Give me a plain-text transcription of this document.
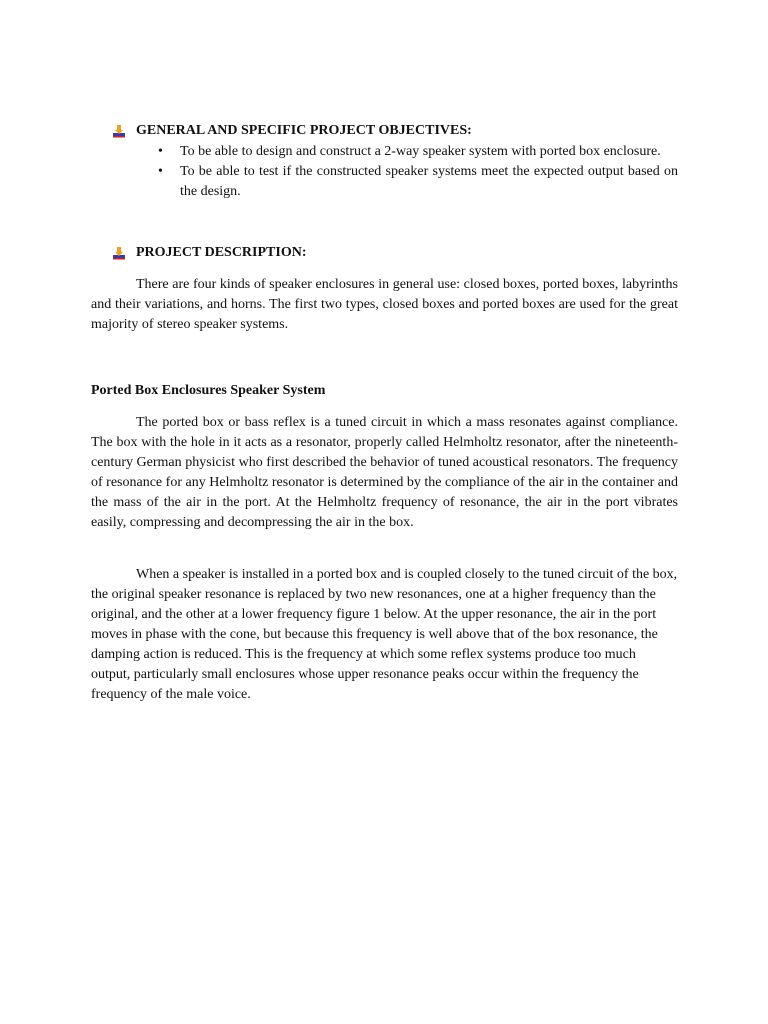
GENERAL AND SPECIFIC PROJECT OBJECTIVES:
• To be able to design and construct a 2-way speaker system with ported box enclosure.
• To be able to test if the constructed speaker systems meet the expected output based on the design.
PROJECT DESCRIPTION:

There are four kinds of speaker enclosures in general use: closed boxes, ported boxes, labyrinths and their variations, and horns. The first two types, closed boxes and ported boxes are used for the great majority of stereo speaker systems.

Ported Box Enclosures Speaker System

The ported box or bass reflex is a tuned circuit in which a mass resonates against compliance. The box with the hole in it acts as a resonator, properly called Helmholtz resonator, after the nineteenth-century German physicist who first described the behavior of tuned acoustical resonators. The frequency of resonance for any Helmholtz resonator is determined by the compliance of the air in the container and the mass of the air in the port. At the Helmholtz frequency of resonance, the air in the port vibrates easily, compressing and decompressing the air in the box.

When a speaker is installed in a ported box and is coupled closely to the tuned circuit of the box, the original speaker resonance is replaced by two new resonances, one at a higher frequency than the original, and the other at a lower frequency figure 1 below. At the upper resonance, the air in the port moves in phase with the cone, but because this frequency is well above that of the box resonance, the damping action is reduced. This is the frequency at which some reflex systems produce too much output, particularly small enclosures whose upper resonance peaks occur within the frequency the frequency of the male voice.
